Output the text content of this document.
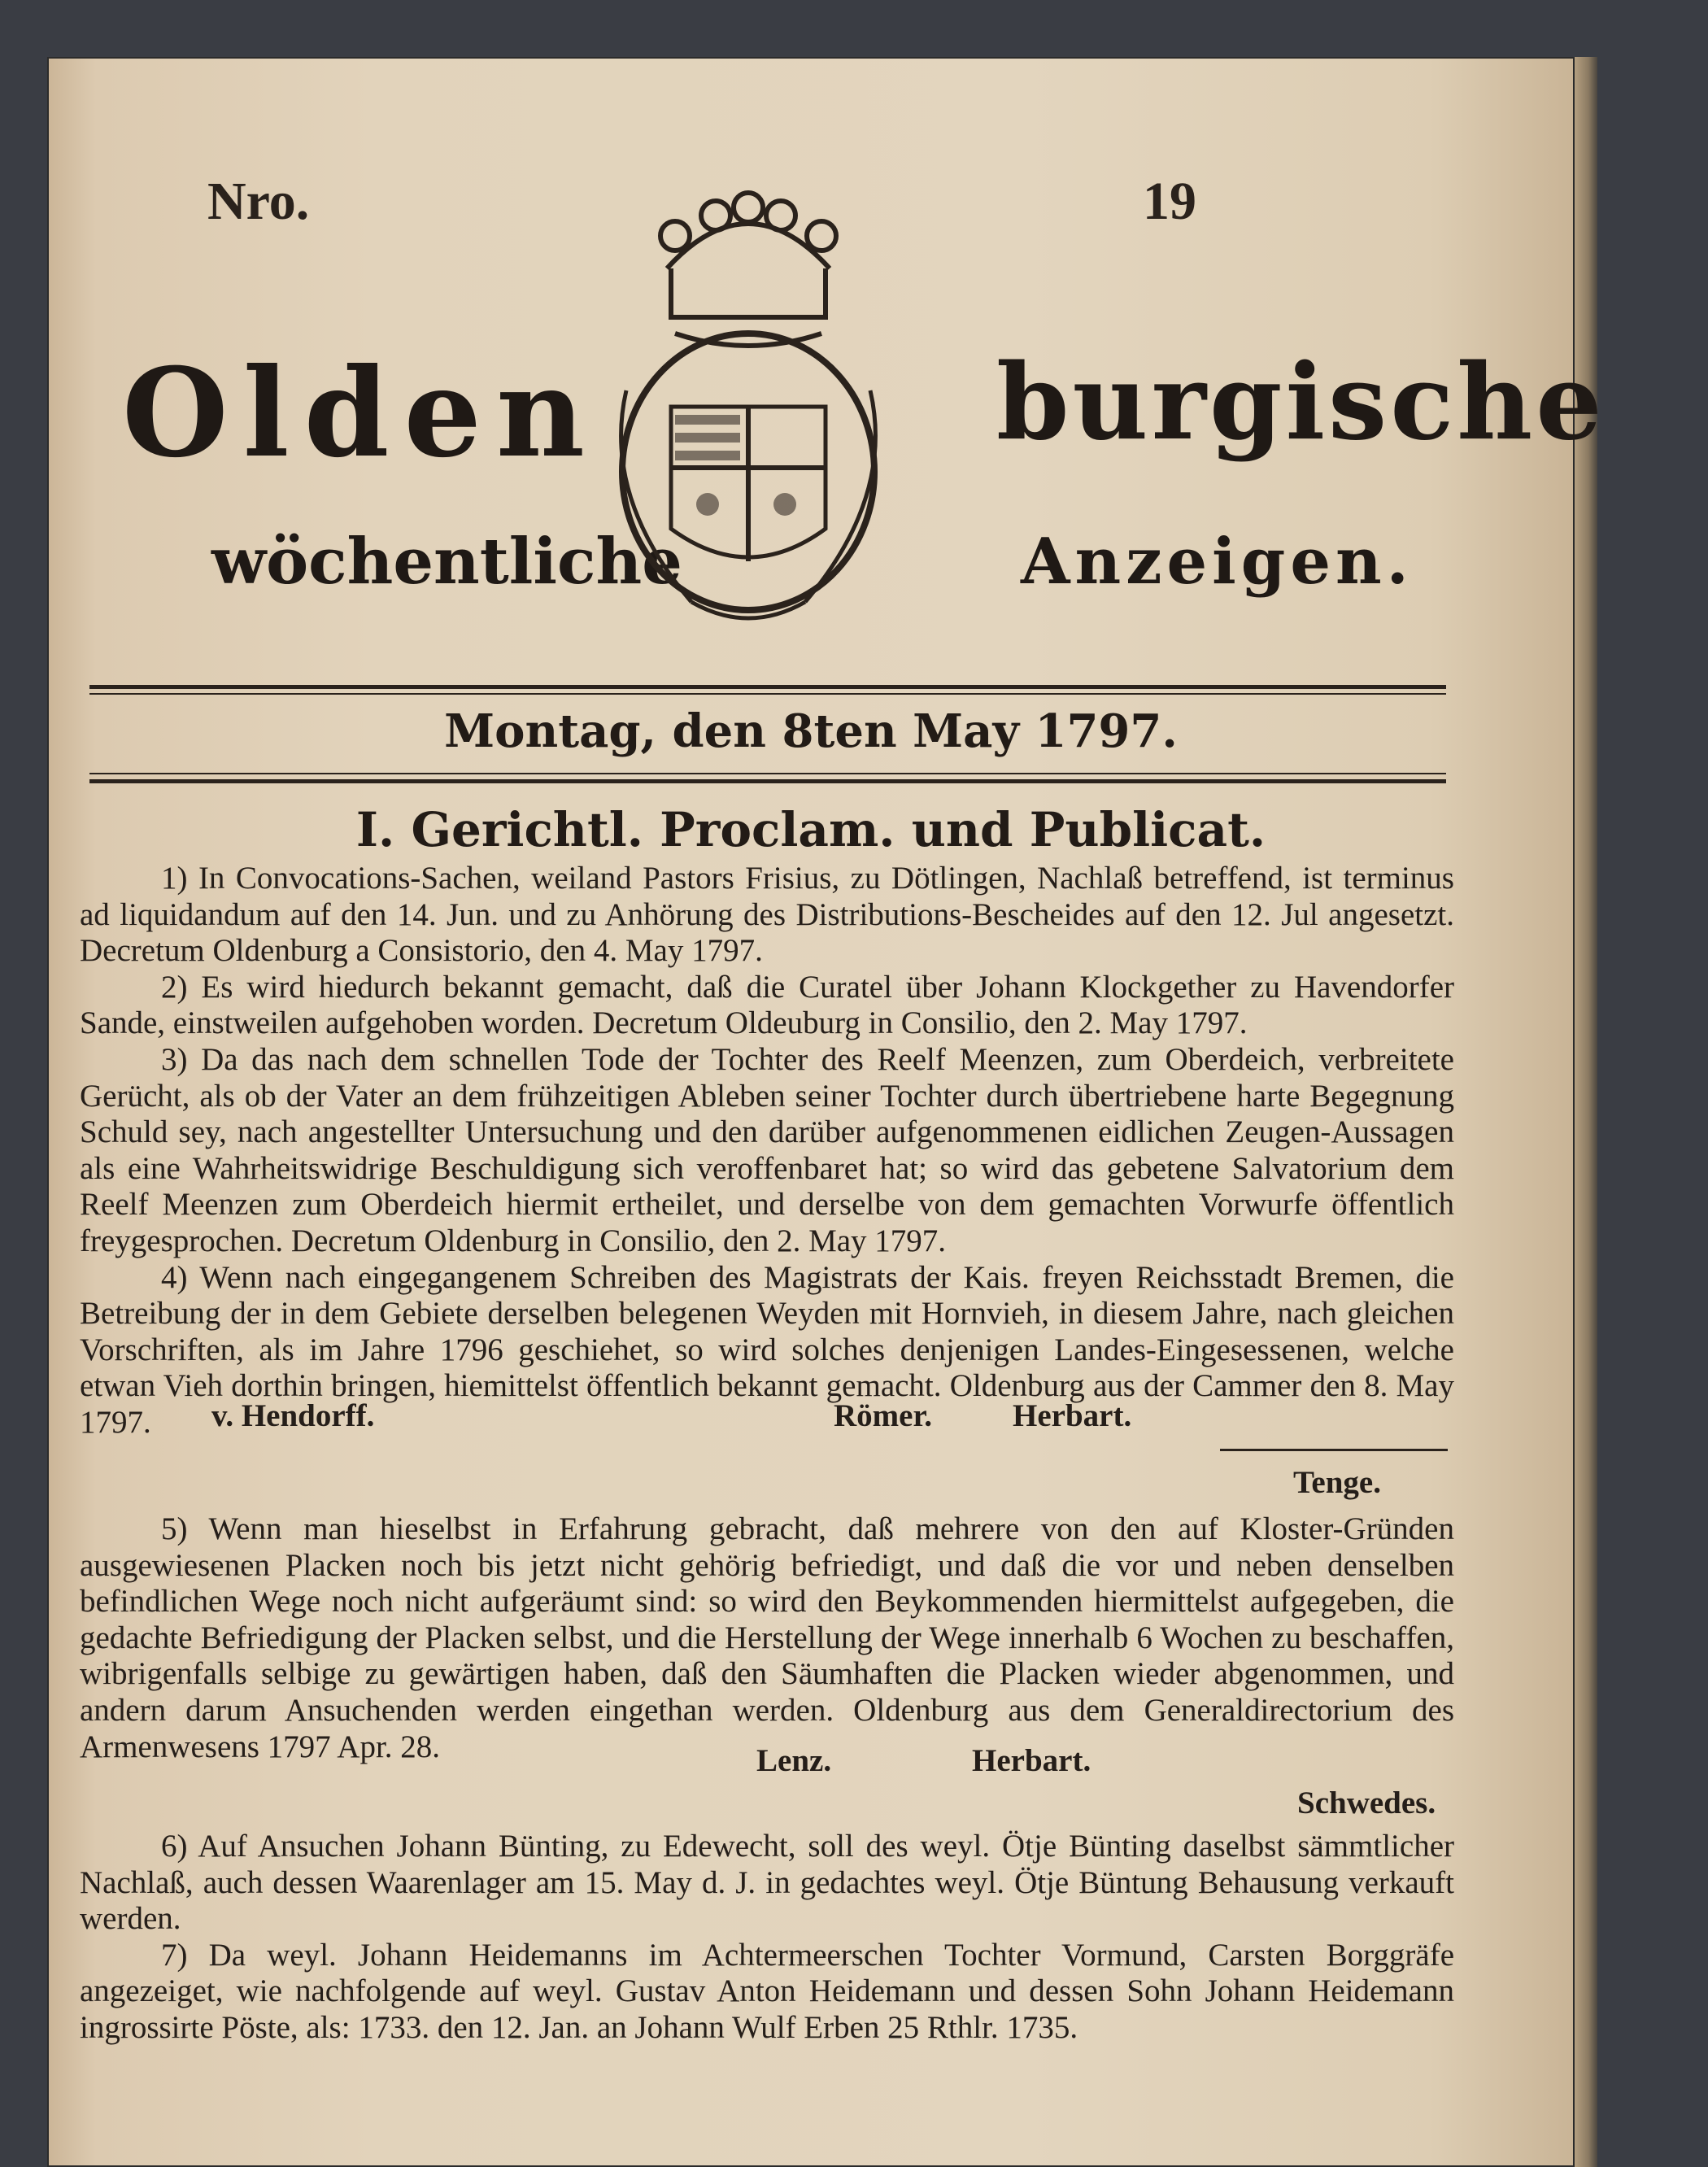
Nro.	19
Olden	burgische
wöchentliche	Anzeigen.
Montag, den 8ten May 1797.
I. Gerichtl. Proclam. und Publicat.

1) In Convocations-Sachen, weiland Pastors Frisius, zu Dötlingen, Nachlaß betreffend, ist terminus ad liquidandum auf den 14. Jun. und zu Anhörung des Distributions-Bescheides auf den 12. Jul angesetzt. Decretum Oldenburg a Consistorio, den 4. May 1797.

2) Es wird hiedurch bekannt gemacht, daß die Curatel über Johann Klockgether zu Havendorfer Sande, einstweilen aufgehoben worden. Decretum Oldeuburg in Consilio, den 2. May 1797.

3) Da das nach dem schnellen Tode der Tochter des Reelf Meenzen, zum Oberdeich, verbreitete Gerücht, als ob der Vater an dem frühzeitigen Ableben seiner Tochter durch übertriebene harte Begegnung Schuld sey, nach angestellter Untersuchung und den darüber aufgenommenen eidlichen Zeugen-Aussagen als eine Wahrheitswidrige Beschuldigung sich veroffenbaret hat; so wird das gebetene Salvatorium dem Reelf Meenzen zum Oberdeich hiermit ertheilet, und derselbe von dem gemachten Vorwurfe öffentlich freygesprochen. Decretum Oldenburg in Consilio, den 2. May 1797.

4) Wenn nach eingegangenem Schreiben des Magistrats der Kais. freyen Reichsstadt Bremen, die Betreibung der in dem Gebiete derselben belegenen Weyden mit Hornvieh, in diesem Jahre, nach gleichen Vorschriften, als im Jahre 1796 geschiehet, so wird solches denjenigen Landes-Eingesessenen, welche etwan Vieh dorthin bringen, hiemittelst öffentlich bekannt gemacht. Oldenburg aus der Cammer den 8. May 1797.	v. Hendorff.	Römer.	Herbart.
Tenge.

5) Wenn man hieselbst in Erfahrung gebracht, daß mehrere von den auf Kloster-Gründen ausgewiesenen Placken noch bis jetzt nicht gehörig befriedigt, und daß die vor und neben denselben befindlichen Wege noch nicht aufgeräumt sind: so wird den Beykommenden hiermittelst aufgegeben, die gedachte Befriedigung der Placken selbst, und die Herstellung der Wege innerhalb 6 Wochen zu beschaffen, wibrigenfalls selbige zu gewärtigen haben, daß den Säumhaften die Placken wieder abgenommen, und andern darum Ansuchenden werden eingethan werden. Oldenburg aus dem Generaldirectorium des Armenwesens 1797 Apr. 28.	Lenz.	Herbart.
Schwedes.

6) Auf Ansuchen Johann Bünting, zu Edewecht, soll des weyl. Ötje Bünting daselbst sämmtlicher Nachlaß, auch dessen Waarenlager am 15. May d. J. in gedachtes weyl. Ötje Büntung Behausung verkauft werden.

7) Da weyl. Johann Heidemanns im Achtermeerschen Tochter Vormund, Carsten Borggräfe angezeiget, wie nachfolgende auf weyl. Gustav Anton Heidemann und dessen Sohn Johann Heidemann ingrossirte Pöste, als: 1733. den 12. Jan. an Johann Wulf Erben 25 Rthlr. 1735.
